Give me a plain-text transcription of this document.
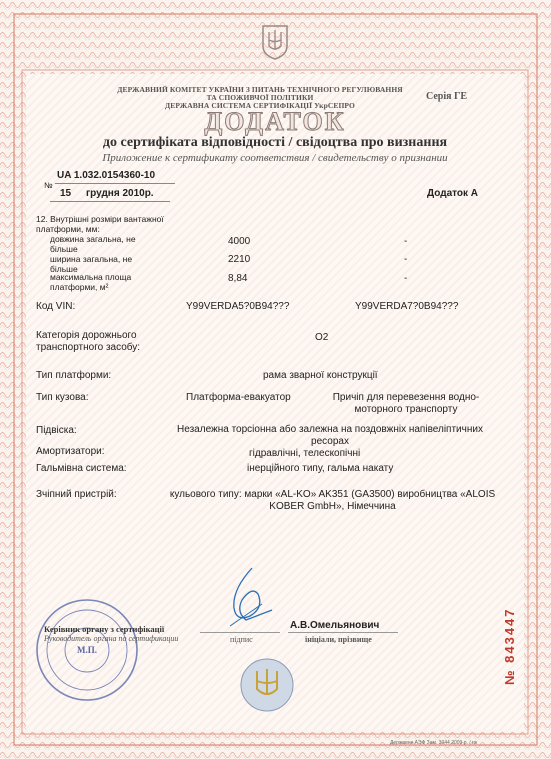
ДЕРЖАВНИЙ КОМІТЕТ УКРАЇНИ З ПИТАНЬ ТЕХНІЧНОГО РЕГУЛЮВАННЯ
ТА СПОЖИВЧОЇ ПОЛІТИКИ
ДЕРЖАВНА СИСТЕМА СЕРТИФІКАЦІЇ УкрСЕПРО
Серія ГЕ
ДОДАТОК
до сертифіката відповідності / свідоцтва про визнання
Приложение к сертификату соответствия / свидетельству о признании
№
UA 1.032.0154360-10
15 грудня 2010р.	Додаток А
12. Внутрішні розміри вантажної платформи, мм:
довжина загальна, не більше
4000	-
ширина загальна, не більше
2210	-
максимальна площа платформи, м²
8,84	-
Код VIN:	Y99VERDA5?0B94???	Y99VERDA7?0B94???
Категорія дорожнього транспортного засобу:
O2
Тип платформи:	рама зварної конструкції
Тип кузова:	Платформа-евакуатор	Причіп для перевезення водно-моторного транспорту
Підвіска:	Незалежна торсіонна або залежна на поздовжніх напівеліптичних ресорах
Амортизатори:	гідравлічні, телескопічні
Гальмівна система:	інерційного типу, гальма накату
Зчіпний пристрій:	кульового типу: марки «AL-KO» AK351 (GA3500) виробництва «ALOIS KOBER GmbH», Німеччина
М.П.
Керівник органу з сертифікації
Руководитель органа по сертификации	підпис
А.В.Омельянович
ініціали, прізвище
№ 843447
Державне АЭФ Зам. 3044 2009 р. / гж
